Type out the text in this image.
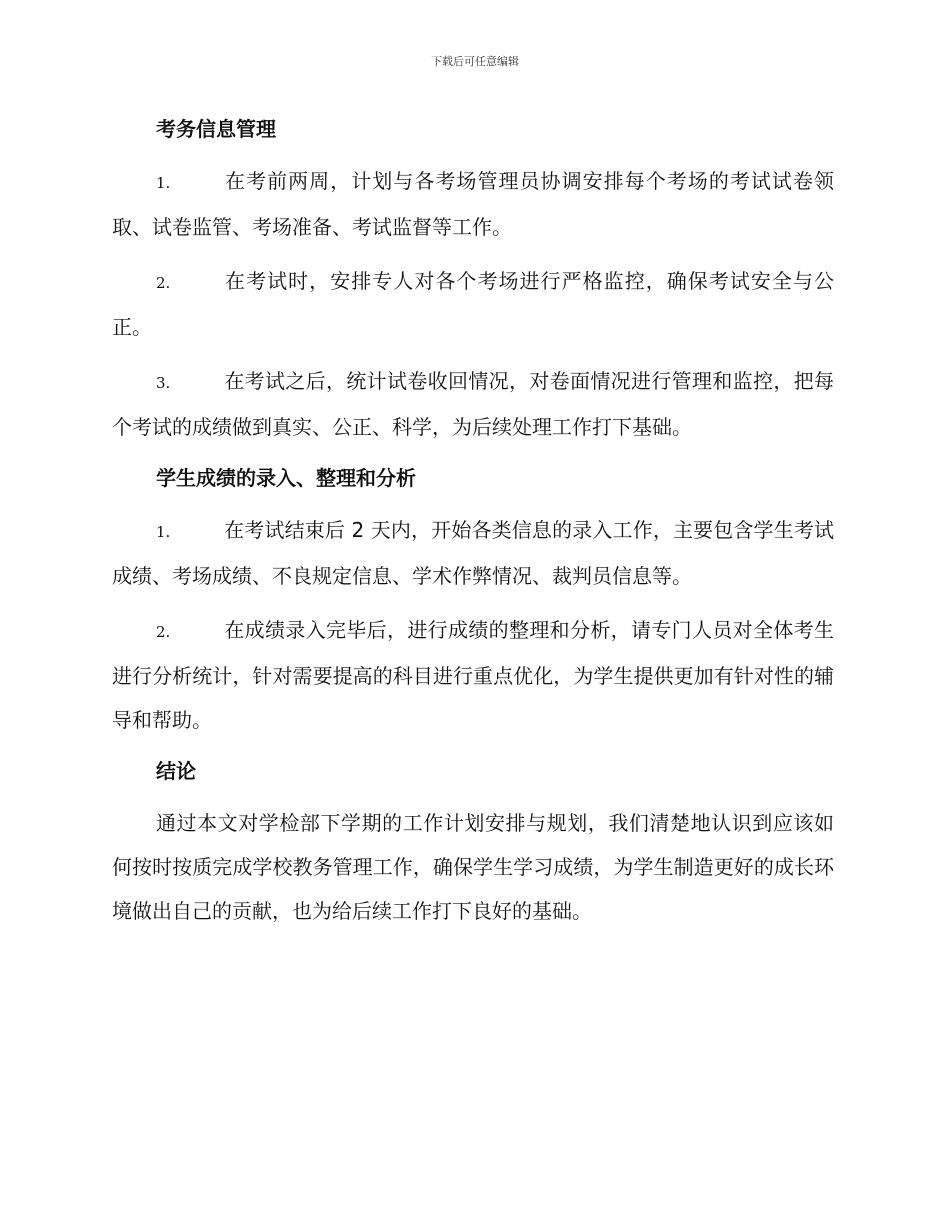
下载后可任意编辑
考务信息管理

1.	在考前两周，计划与各考场管理员协调安排每个考场的考试试卷领取、试卷监管、考场准备、考试监督等工作。

2.	在考试时，安排专人对各个考场进行严格监控，确保考试安全与公正。

3.	在考试之后，统计试卷收回情况，对卷面情况进行管理和监控，把每个考试的成绩做到真实、公正、科学，为后续处理工作打下基础。

学生成绩的录入、整理和分析

1.	在考试结束后 2 天内，开始各类信息的录入工作，主要包含学生考试成绩、考场成绩、不良规定信息、学术作弊情况、裁判员信息等。

2.	在成绩录入完毕后，进行成绩的整理和分析，请专门人员对全体考生进行分析统计，针对需要提高的科目进行重点优化，为学生提供更加有针对性的辅导和帮助。

结论

通过本文对学检部下学期的工作计划安排与规划，我们清楚地认识到应该如何按时按质完成学校教务管理工作，确保学生学习成绩，为学生制造更好的成长环境做出自己的贡献，也为给后续工作打下良好的基础。
